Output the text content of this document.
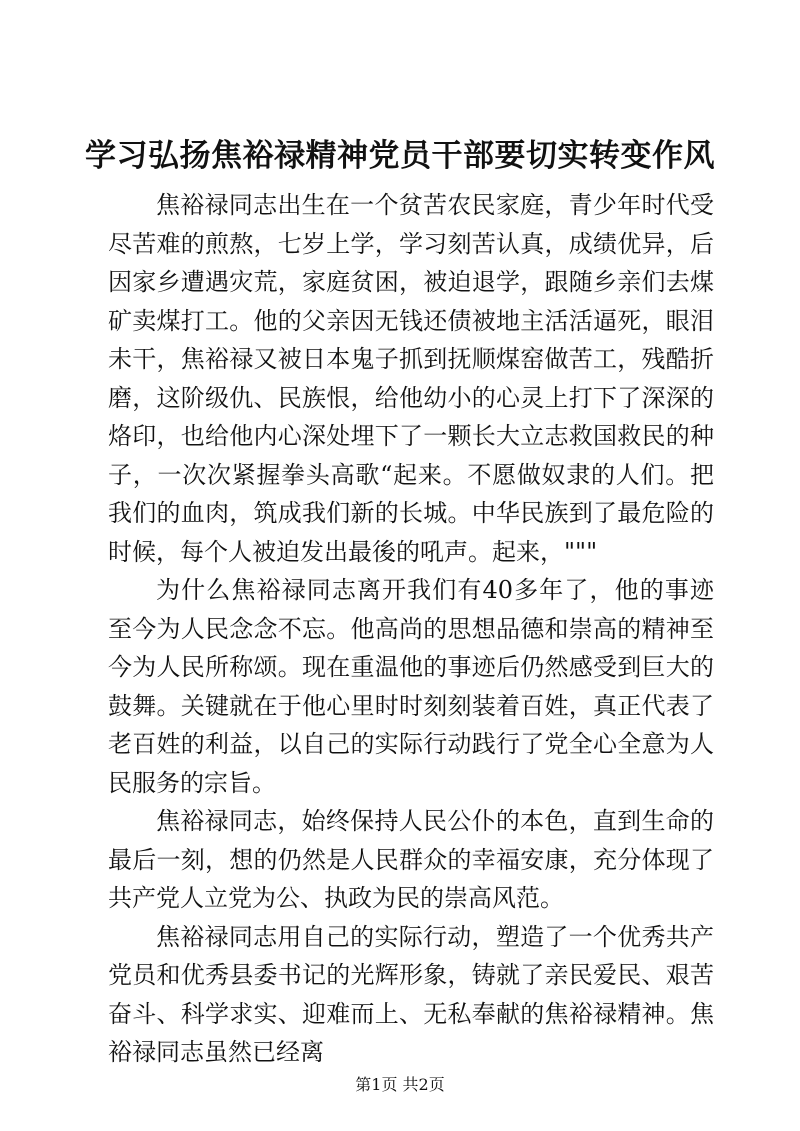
学习弘扬焦裕禄精神党员干部要切实转变作风

焦裕禄同志出生在一个贫苦农民家庭，青少年时代受尽苦难的煎熬，七岁上学，学习刻苦认真，成绩优异，后因家乡遭遇灾荒，家庭贫困，被迫退学，跟随乡亲们去煤矿卖煤打工。他的父亲因无钱还债被地主活活逼死，眼泪未干，焦裕禄又被日本鬼子抓到抚顺煤窑做苦工，残酷折磨，这阶级仇、民族恨，给他幼小的心灵上打下了深深的烙印，也给他内心深处埋下了一颗长大立志救国救民的种子，一次次紧握拳头高歌“起来。不愿做奴隶的人们。把我们的血肉，筑成我们新的长城。中华民族到了最危险的时候，每个人被迫发出最後的吼声。起来，"""

为什么焦裕禄同志离开我们有40多年了，他的事迹至今为人民念念不忘。他高尚的思想品德和崇高的精神至今为人民所称颂。现在重温他的事迹后仍然感受到巨大的鼓舞。关键就在于他心里时时刻刻装着百姓，真正代表了老百姓的利益，以自己的实际行动践行了党全心全意为人民服务的宗旨。

焦裕禄同志，始终保持人民公仆的本色，直到生命的最后一刻，想的仍然是人民群众的幸福安康，充分体现了共产党人立党为公、执政为民的崇高风范。

焦裕禄同志用自己的实际行动，塑造了一个优秀共产党员和优秀县委书记的光辉形象，铸就了亲民爱民、艰苦奋斗、科学求实、迎难而上、无私奉献的焦裕禄精神。焦裕禄同志虽然已经离

第1页 共2页
